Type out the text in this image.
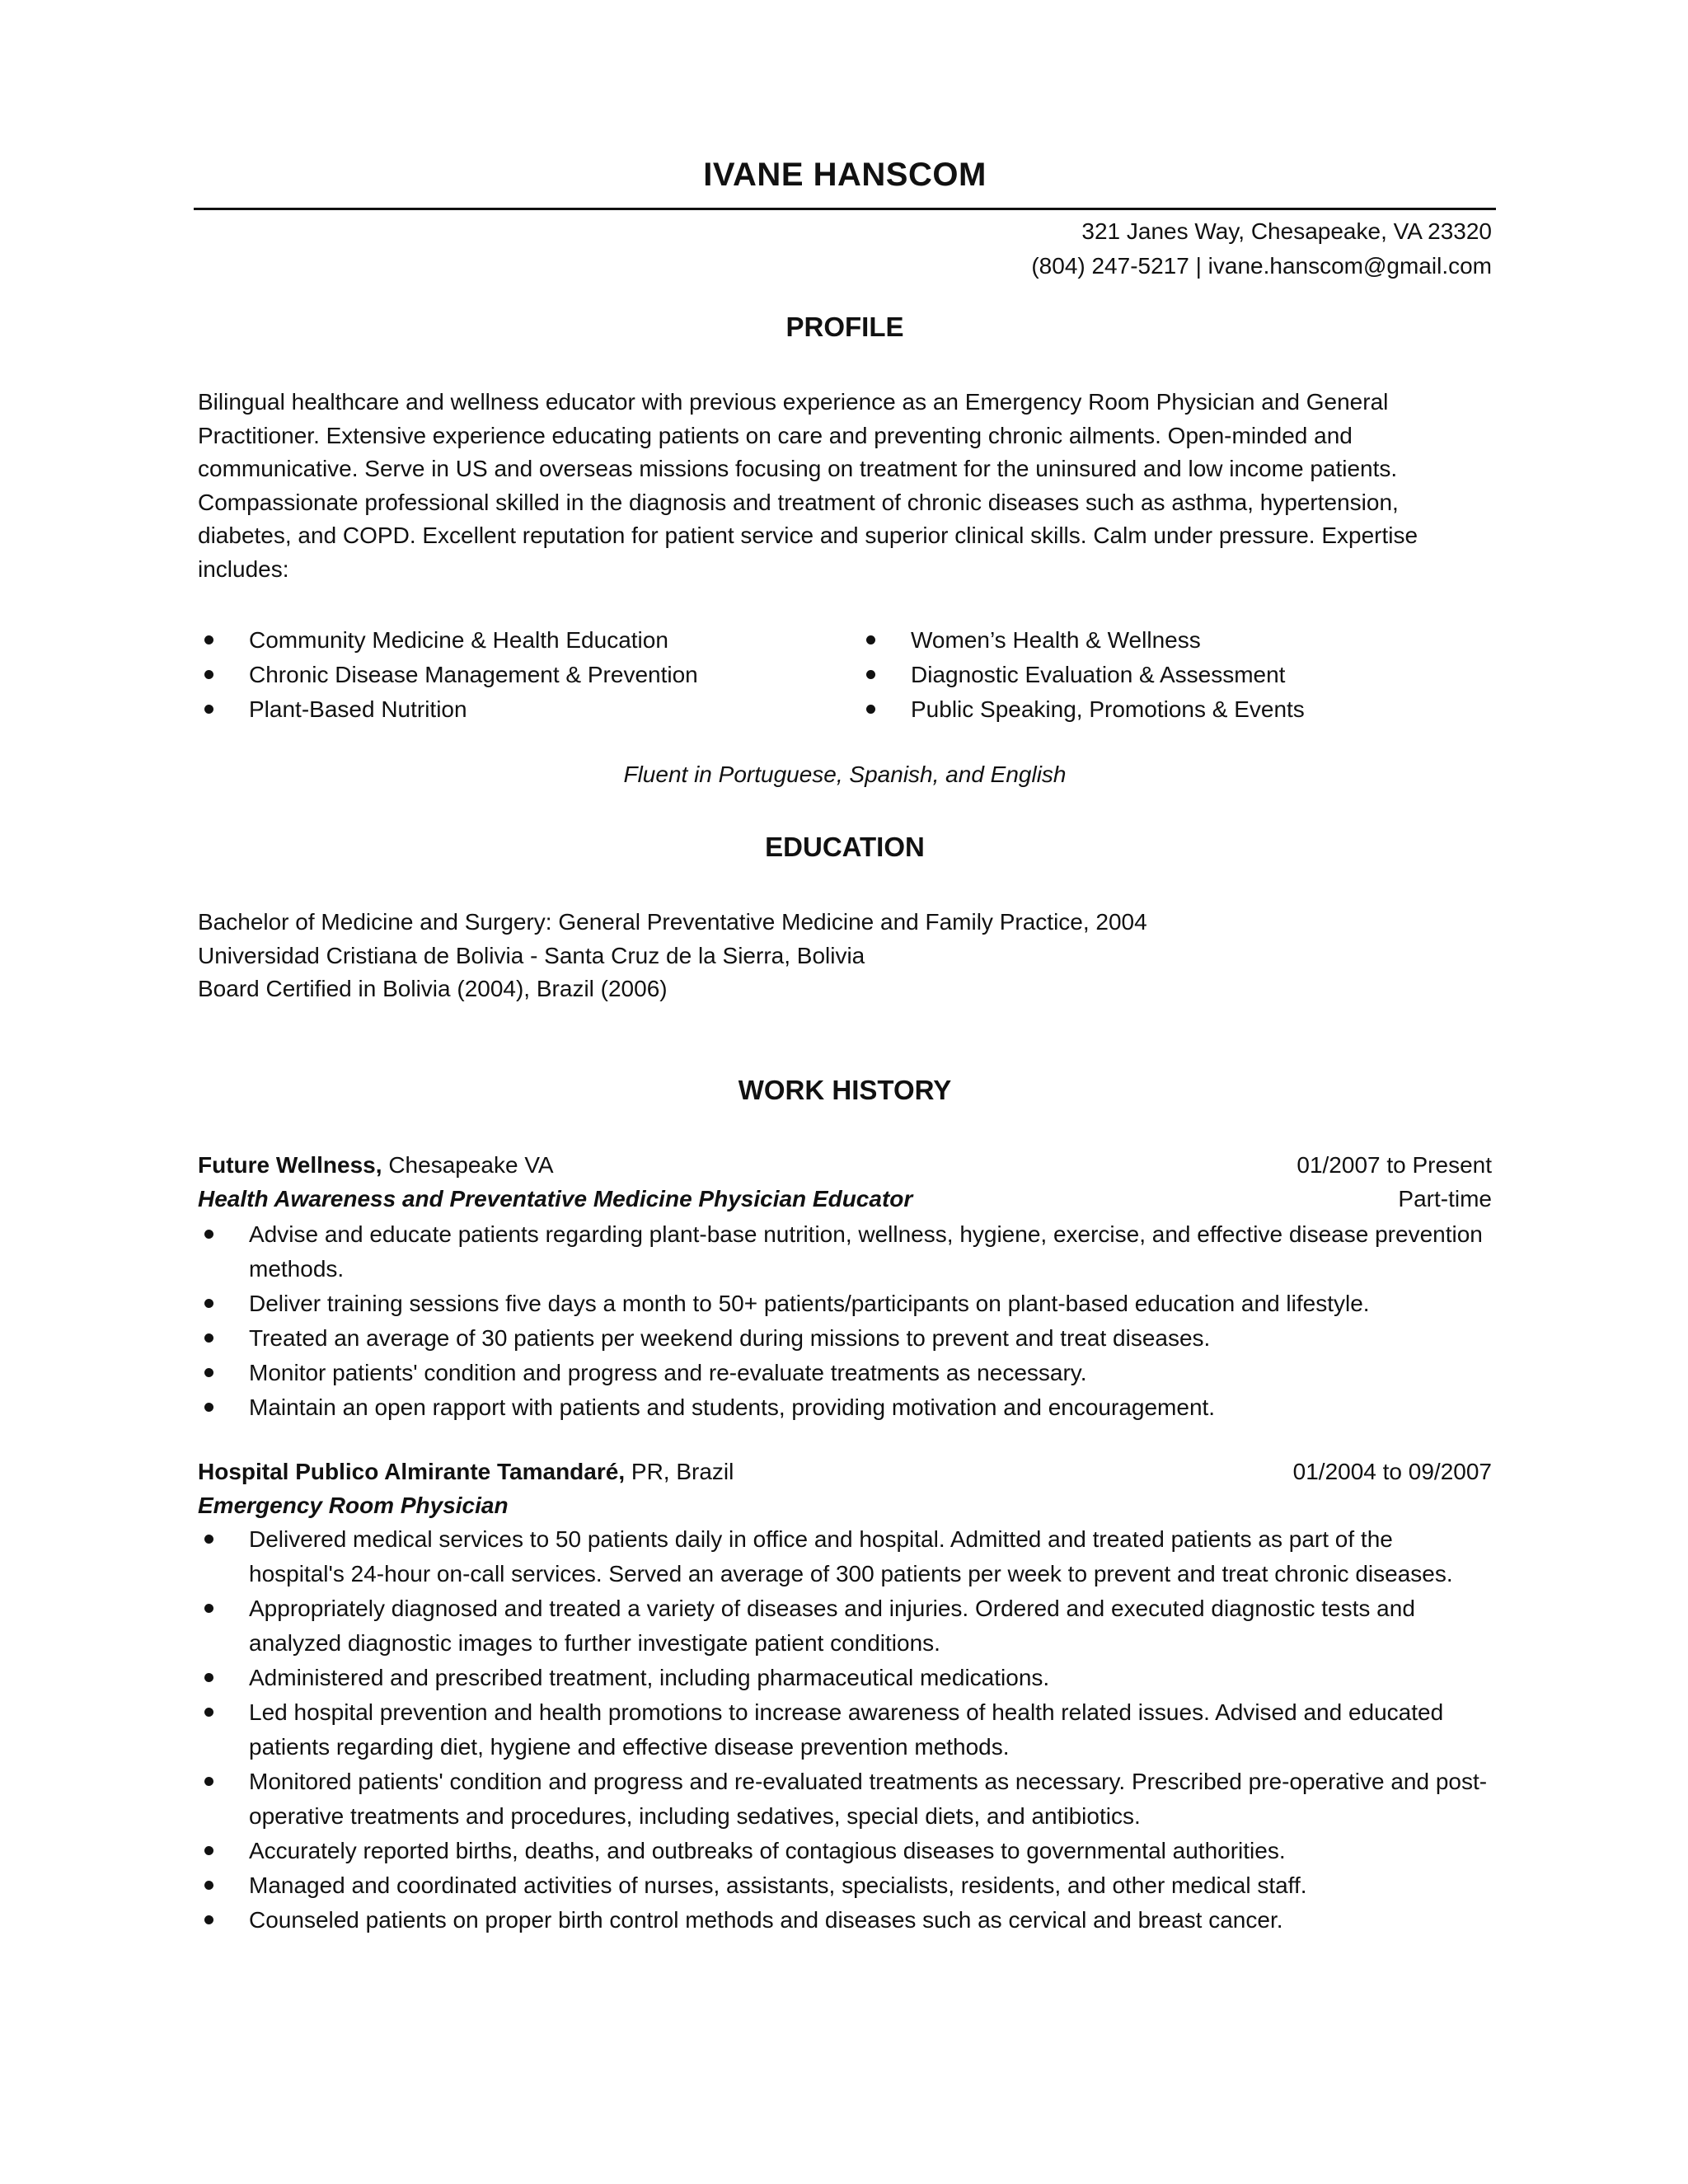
IVANE HANSCOM
321 Janes Way, Chesapeake, VA 23320
(804) 247-5217 | ivane.hanscom@gmail.com
PROFILE
Bilingual healthcare and wellness educator with previous experience as an Emergency Room Physician and General Practitioner. Extensive experience educating patients on care and preventing chronic ailments. Open-minded and communicative. Serve in US and overseas missions focusing on treatment for the uninsured and low income patients. Compassionate professional skilled in the diagnosis and treatment of chronic diseases such as asthma, hypertension, diabetes, and COPD. Excellent reputation for patient service and superior clinical skills. Calm under pressure. Expertise includes:
Community Medicine & Health Education
Chronic Disease Management & Prevention
Plant-Based Nutrition
Women’s Health & Wellness
Diagnostic Evaluation & Assessment
Public Speaking, Promotions & Events
Fluent in Portuguese, Spanish, and English
EDUCATION
Bachelor of Medicine and Surgery: General Preventative Medicine and Family Practice, 2004
Universidad Cristiana de Bolivia - Santa Cruz de la Sierra, Bolivia
Board Certified in Bolivia (2004), Brazil (2006)
WORK HISTORY
Future Wellness, Chesapeake VA	01/2007 to Present
Health Awareness and Preventative Medicine Physician Educator	Part-time
Advise and educate patients regarding plant-base nutrition, wellness, hygiene, exercise, and effective disease prevention methods.
Deliver training sessions five days a month to 50+ patients/participants on plant-based education and lifestyle.
Treated an average of 30 patients per weekend during missions to prevent and treat diseases.
Monitor patients' condition and progress and re-evaluate treatments as necessary.
Maintain an open rapport with patients and students, providing motivation and encouragement.
Hospital Publico Almirante Tamandaré, PR, Brazil	01/2004 to 09/2007
Emergency Room Physician
Delivered medical services to 50 patients daily in office and hospital. Admitted and treated patients as part of the hospital's 24-hour on-call services. Served an average of 300 patients per week to prevent and treat chronic diseases.
Appropriately diagnosed and treated a variety of diseases and injuries. Ordered and executed diagnostic tests and analyzed diagnostic images to further investigate patient conditions.
Administered and prescribed treatment, including pharmaceutical medications.
Led hospital prevention and health promotions to increase awareness of health related issues. Advised and educated patients regarding diet, hygiene and effective disease prevention methods.
Monitored patients' condition and progress and re-evaluated treatments as necessary. Prescribed pre-operative and post-operative treatments and procedures, including sedatives, special diets, and antibiotics.
Accurately reported births, deaths, and outbreaks of contagious diseases to governmental authorities.
Managed and coordinated activities of nurses, assistants, specialists, residents, and other medical staff.
Counseled patients on proper birth control methods and diseases such as cervical and breast cancer.
